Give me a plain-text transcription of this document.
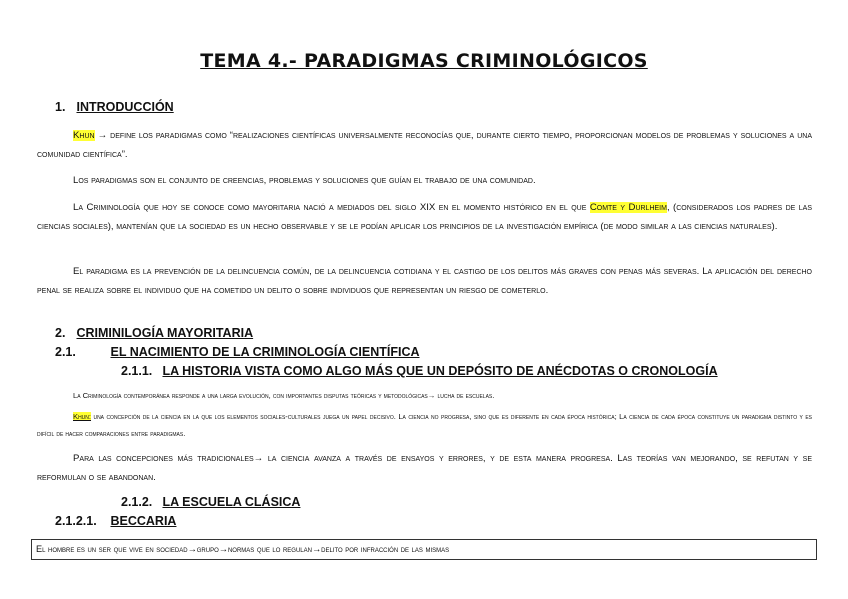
TEMA 4.- PARADIGMAS CRIMINOLÓGICOS
1. INTRODUCCIÓN
Khun → define los paradigmas como “realizaciones científicas universalmente reconocías que, durante cierto tiempo, proporcionan modelos de problemas y soluciones a una comunidad científica”.
Los paradigmas son el conjunto de creencias, problemas y soluciones que guían el trabajo de una comunidad.
La Criminología que hoy se conoce como mayoritaria nació a mediados del siglo XIX en el momento histórico en el que Comte y Durlheim, (considerados los padres de las ciencias sociales), mantenían que la sociedad es un hecho observable y se le podían aplicar los principios de la investigación empírica (de modo similar a las ciencias naturales).
El paradigma es la prevención de la delincuencia común, de la delincuencia cotidiana y el castigo de los delitos más graves con penas más severas. La aplicación del derecho penal se realiza sobre el individuo que ha cometido un delito o sobre individuos que representan un riesgo de cometerlo.
2. CRIMINILOGÍA MAYORITARIA
2.1.	EL NACIMIENTO DE LA CRIMINOLOGÍA CIENTÍFICA
2.1.1. LA HISTORIA VISTA COMO ALGO MÁS QUE UN DEPÓSITO DE ANÉCDOTAS O CRONOLOGÍA
La Criminología contemporánea responde a una larga evolución, con importantes disputas teóricas y metodológicas→ lucha de escuelas.
Khun: una concepción de la ciencia en la que los elementos sociales-culturales juega un papel decisivo. La ciencia no progresa, sino que es diferente en cada época histórica; La ciencia de cada época constituye un paradigma distinto y es difícil de hacer comparaciones entre paradigmas.
Para las concepciones más tradicionales→ la ciencia avanza a través de ensayos y errores, y de esta manera progresa. Las teorías van mejorando, se refutan y se reformulan o se abandonan.
2.1.2. LA ESCUELA CLÁSICA
2.1.2.1. BECCARIA
El hombre es un ser que vive en sociedad→grupo→normas que lo regulan→delito por infracción de las mismas
